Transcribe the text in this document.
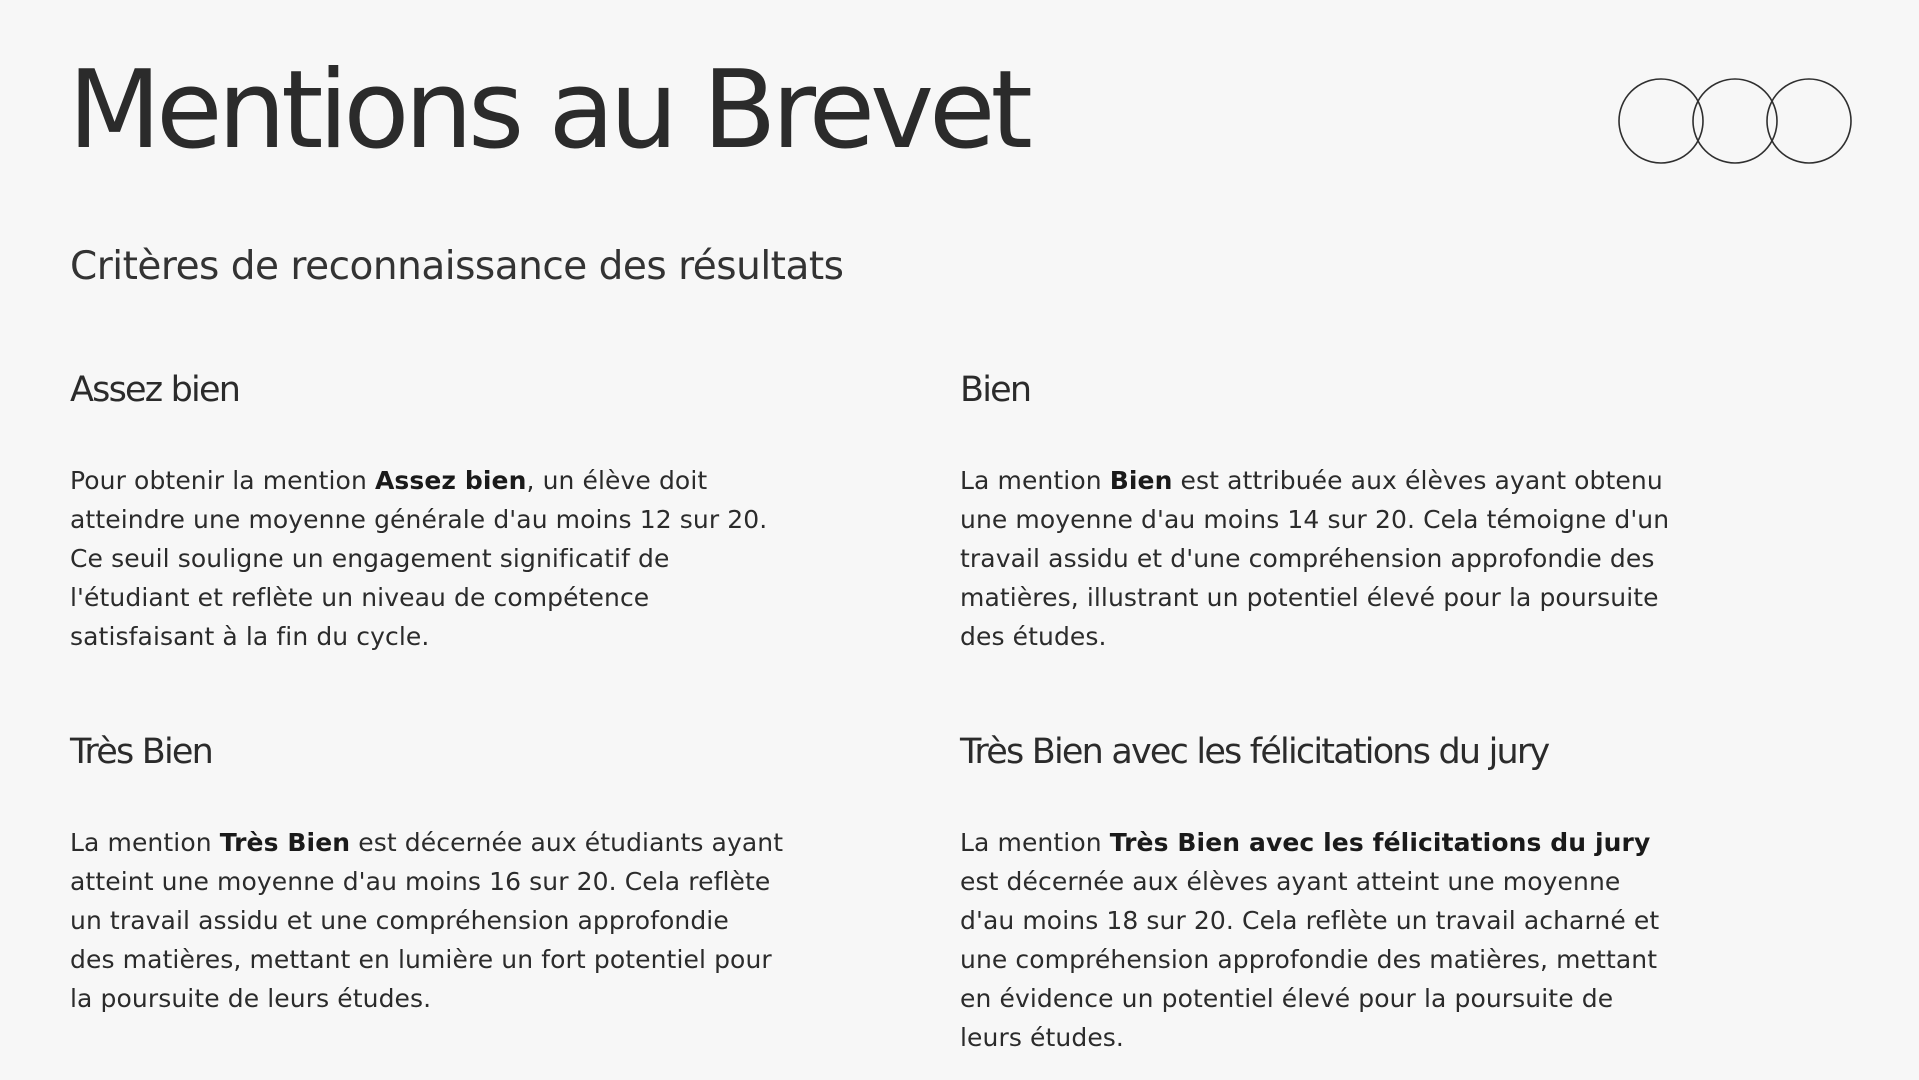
Mentions au Brevet
Critères de reconnaissance des résultats
Assez bien

Pour obtenir la mention Assez bien, un élève doit
atteindre une moyenne générale d'au moins 12 sur 20.
Ce seuil souligne un engagement significatif de
l'étudiant et reflète un niveau de compétence
satisfaisant à la fin du cycle.

Bien

La mention Bien est attribuée aux élèves ayant obtenu
une moyenne d'au moins 14 sur 20. Cela témoigne d'un
travail assidu et d'une compréhension approfondie des
matières, illustrant un potentiel élevé pour la poursuite
des études.

Très Bien

La mention Très Bien est décernée aux étudiants ayant
atteint une moyenne d'au moins 16 sur 20. Cela reflète
un travail assidu et une compréhension approfondie
des matières, mettant en lumière un fort potentiel pour
la poursuite de leurs études.

Très Bien avec les félicitations du jury

La mention Très Bien avec les félicitations du jury
est décernée aux élèves ayant atteint une moyenne
d'au moins 18 sur 20. Cela reflète un travail acharné et
une compréhension approfondie des matières, mettant
en évidence un potentiel élevé pour la poursuite de
leurs études.
